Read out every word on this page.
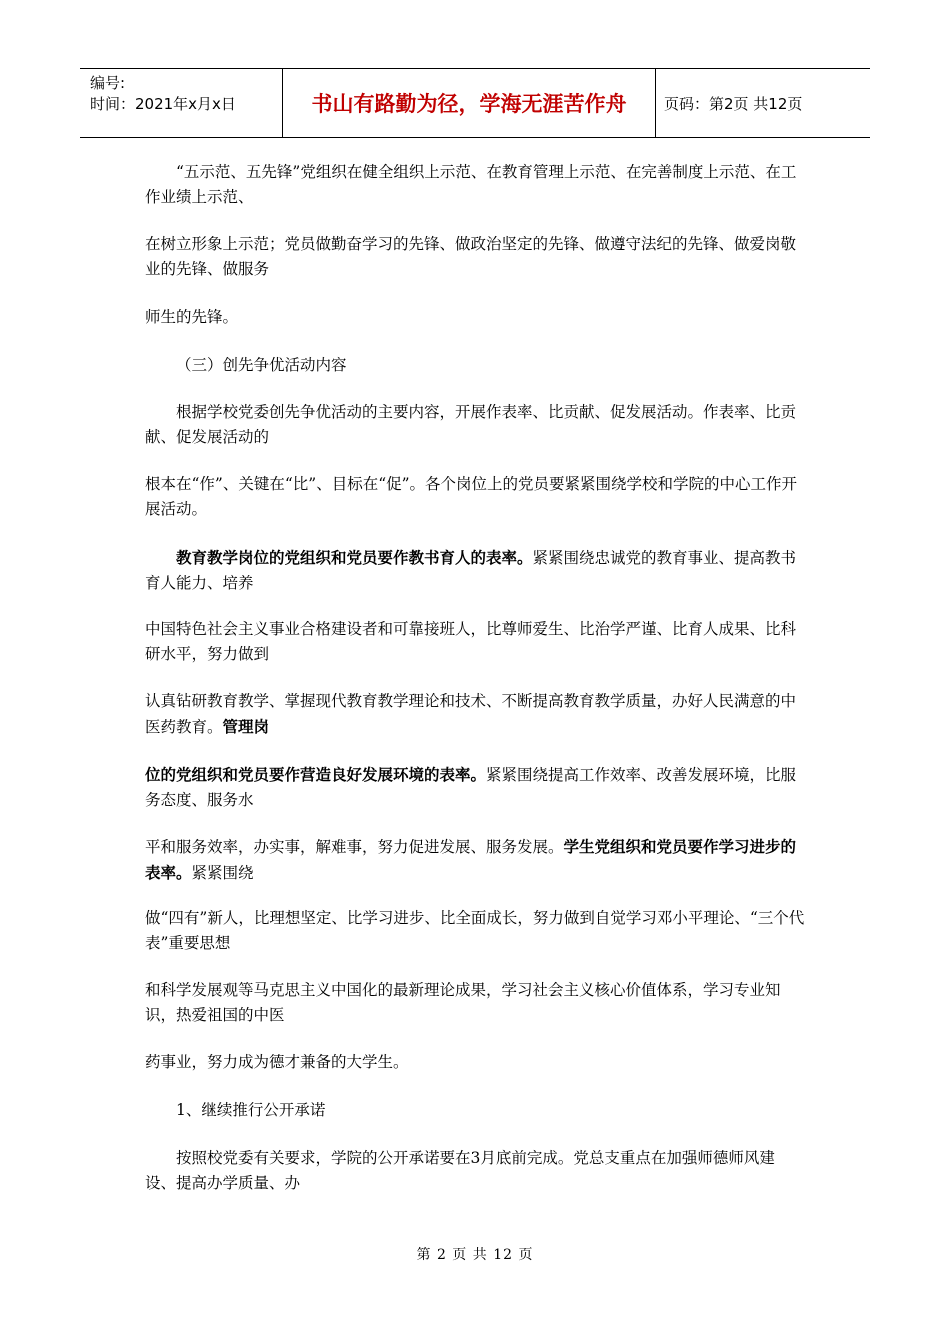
编号:
时间：2021年x月x日	书山有路勤为径，学海无涯苦作舟	页码：第2页 共12页
“五示范、五先锋”党组织在健全组织上示范、在教育管理上示范、在完善制度上示范、在工作业绩上示范、
在树立形象上示范；党员做勤奋学习的先锋、做政治坚定的先锋、做遵守法纪的先锋、做爱岗敬业的先锋、做服务
师生的先锋。
（三）创先争优活动内容
根据学校党委创先争优活动的主要内容，开展作表率、比贡献、促发展活动。作表率、比贡献、促发展活动的
根本在“作”、关键在“比”、目标在“促”。各个岗位上的党员要紧紧围绕学校和学院的中心工作开展活动。
教育教学岗位的党组织和党员要作教书育人的表率。紧紧围绕忠诚党的教育事业、提高教书育人能力、培养
中国特色社会主义事业合格建设者和可靠接班人，比尊师爱生、比治学严谨、比育人成果、比科研水平，努力做到
认真钻研教育教学、掌握现代教育教学理论和技术、不断提高教育教学质量，办好人民满意的中医药教育。管理岗
位的党组织和党员要作营造良好发展环境的表率。紧紧围绕提高工作效率、改善发展环境，比服务态度、服务水
平和服务效率，办实事，解难事，努力促进发展、服务发展。学生党组织和党员要作学习进步的表率。紧紧围绕
做“四有”新人，比理想坚定、比学习进步、比全面成长，努力做到自觉学习邓小平理论、“三个代表”重要思想
和科学发展观等马克思主义中国化的最新理论成果，学习社会主义核心价值体系，学习专业知识，热爱祖国的中医
药事业，努力成为德才兼备的大学生。
1、继续推行公开承诺
按照校党委有关要求，学院的公开承诺要在3月底前完成。党总支重点在加强师德师风建设、提高办学质量、办
第 2 页 共 12 页
